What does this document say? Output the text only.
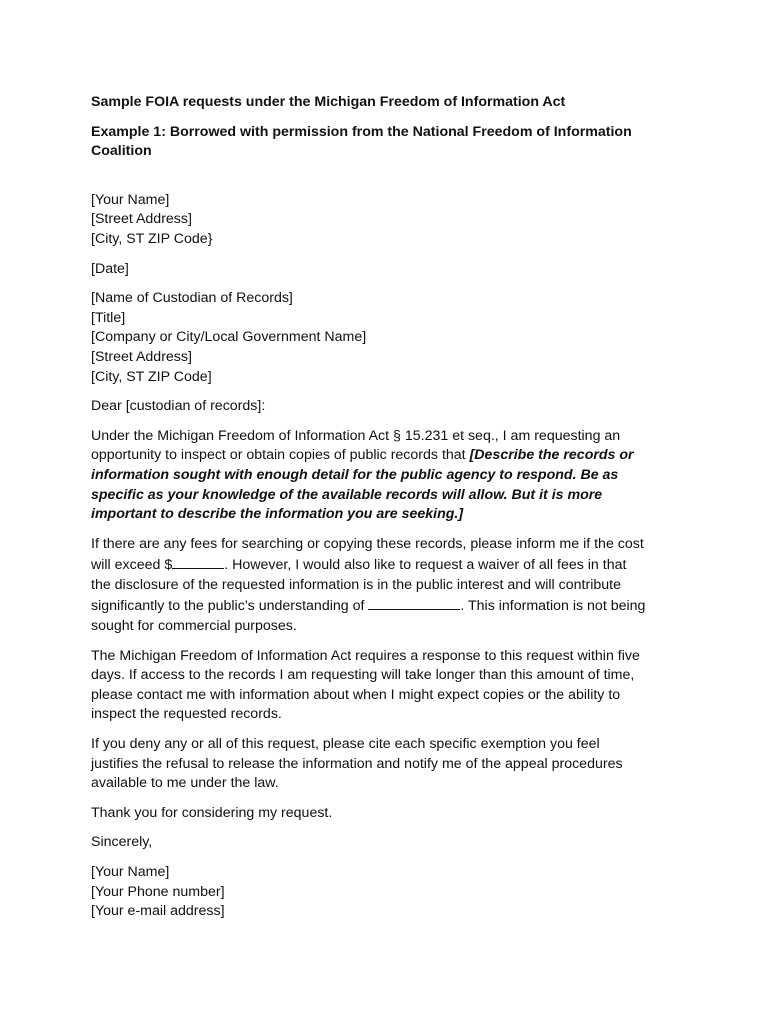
Sample FOIA requests under the Michigan Freedom of Information Act
Example 1: Borrowed with permission from the National Freedom of Information
Coalition
[Your Name]
[Street Address]
[City, ST ZIP Code}
[Date]
[Name of Custodian of Records]
[Title]
[Company or City/Local Government Name]
[Street Address]
[City, ST ZIP Code]
Dear [custodian of records]:
Under the Michigan Freedom of Information Act § 15.231 et seq., I am requesting an
opportunity to inspect or obtain copies of public records that [Describe the records or
information sought with enough detail for the public agency to respond. Be as
specific as your knowledge of the available records will allow. But it is more
important to describe the information you are seeking.]
If there are any fees for searching or copying these records, please inform me if the cost
will exceed $	. However, I would also like to request a waiver of all fees in that
the disclosure of the requested information is in the public interest and will contribute
significantly to the public’s understanding of	. This information is not being
sought for commercial purposes.
The Michigan Freedom of Information Act requires a response to this request within five
days. If access to the records I am requesting will take longer than this amount of time,
please contact me with information about when I might expect copies or the ability to
inspect the requested records.
If you deny any or all of this request, please cite each specific exemption you feel
justifies the refusal to release the information and notify me of the appeal procedures
available to me under the law.
Thank you for considering my request.
Sincerely,
[Your Name]
[Your Phone number]
[Your e-mail address]
